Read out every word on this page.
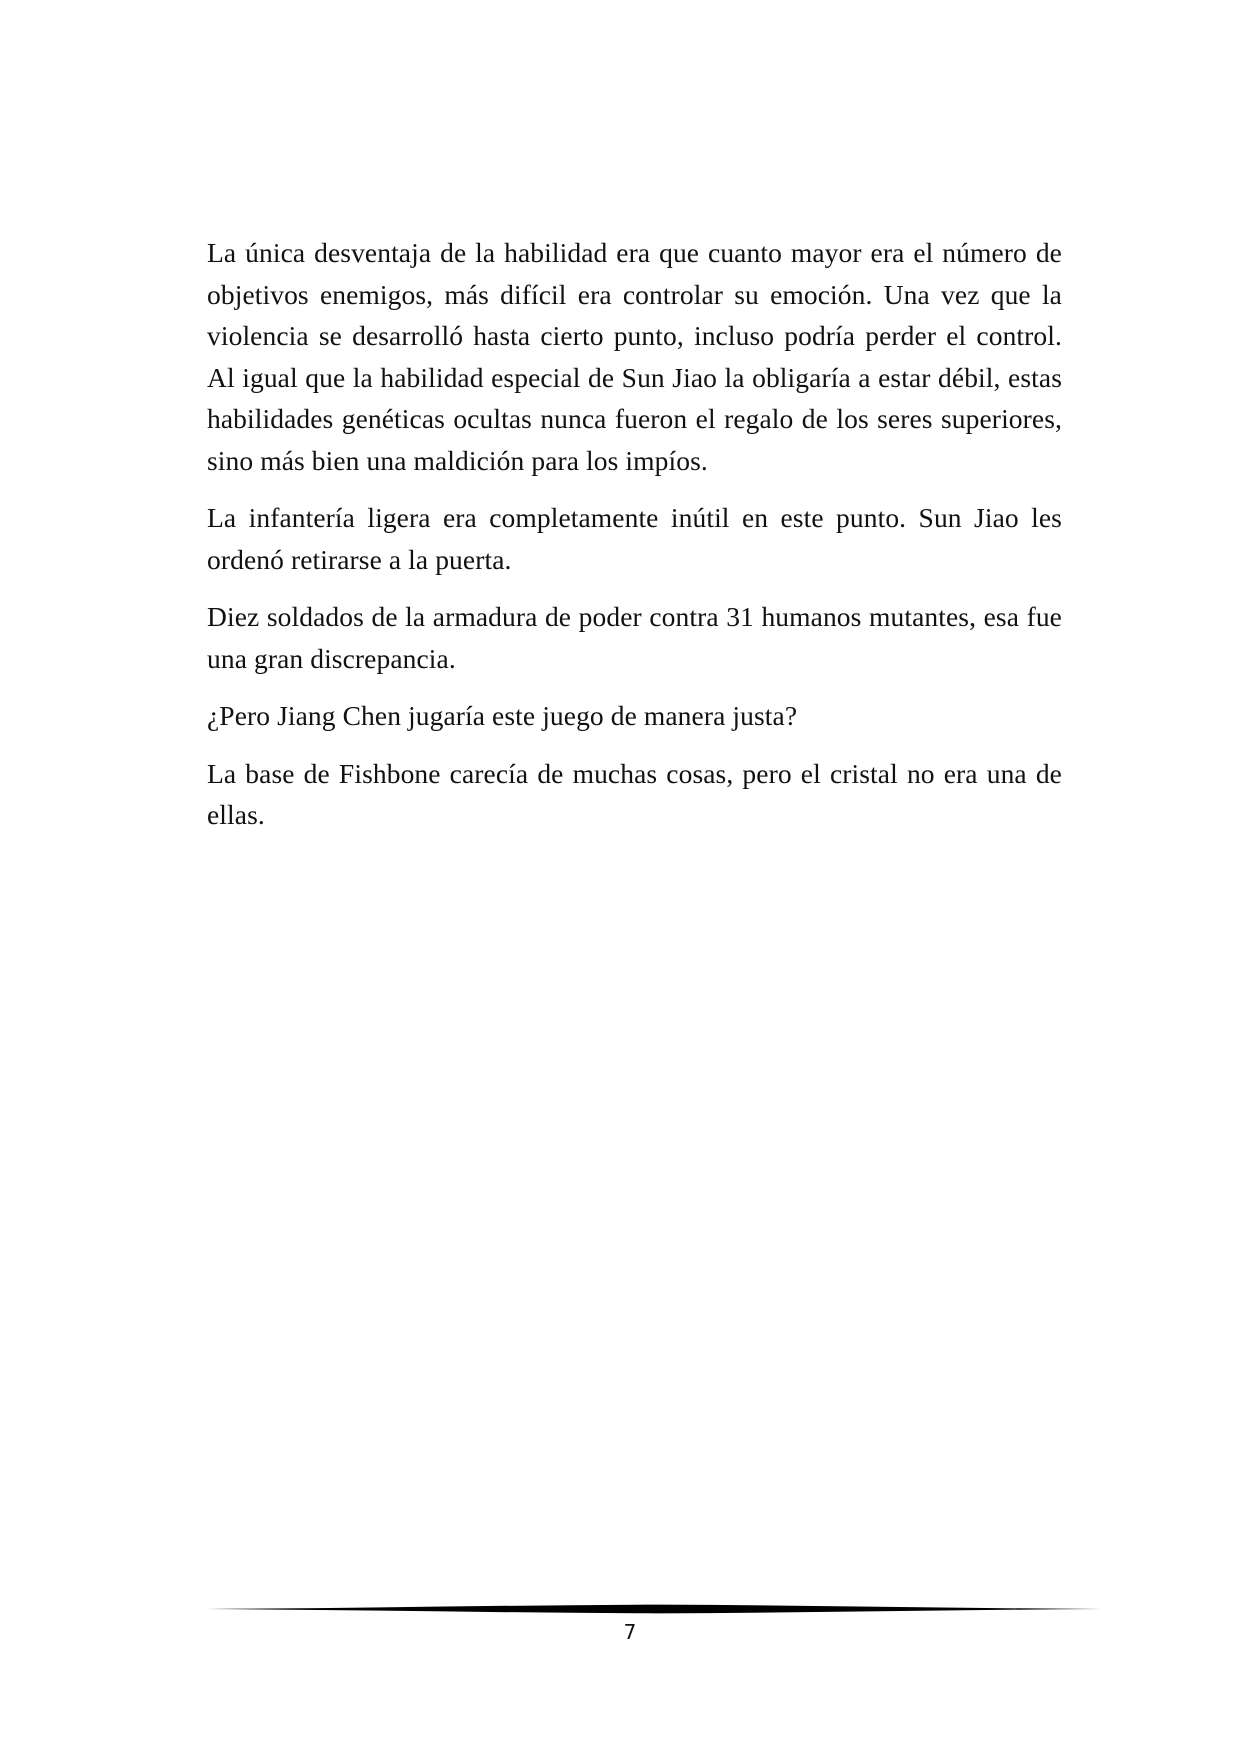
La única desventaja de la habilidad era que cuanto mayor era el número de objetivos enemigos, más difícil era controlar su emoción. Una vez que la violencia se desarrolló hasta cierto punto, incluso podría perder el control. Al igual que la habilidad especial de Sun Jiao la obligaría a estar débil, estas habilidades genéticas ocultas nunca fueron el regalo de los seres superiores, sino más bien una maldición para los impíos.

La infantería ligera era completamente inútil en este punto. Sun Jiao les ordenó retirarse a la puerta.

Diez soldados de la armadura de poder contra 31 humanos mutantes, esa fue una gran discrepancia.

¿Pero Jiang Chen jugaría este juego de manera justa?

La base de Fishbone carecía de muchas cosas, pero el cristal no era una de ellas.

7
